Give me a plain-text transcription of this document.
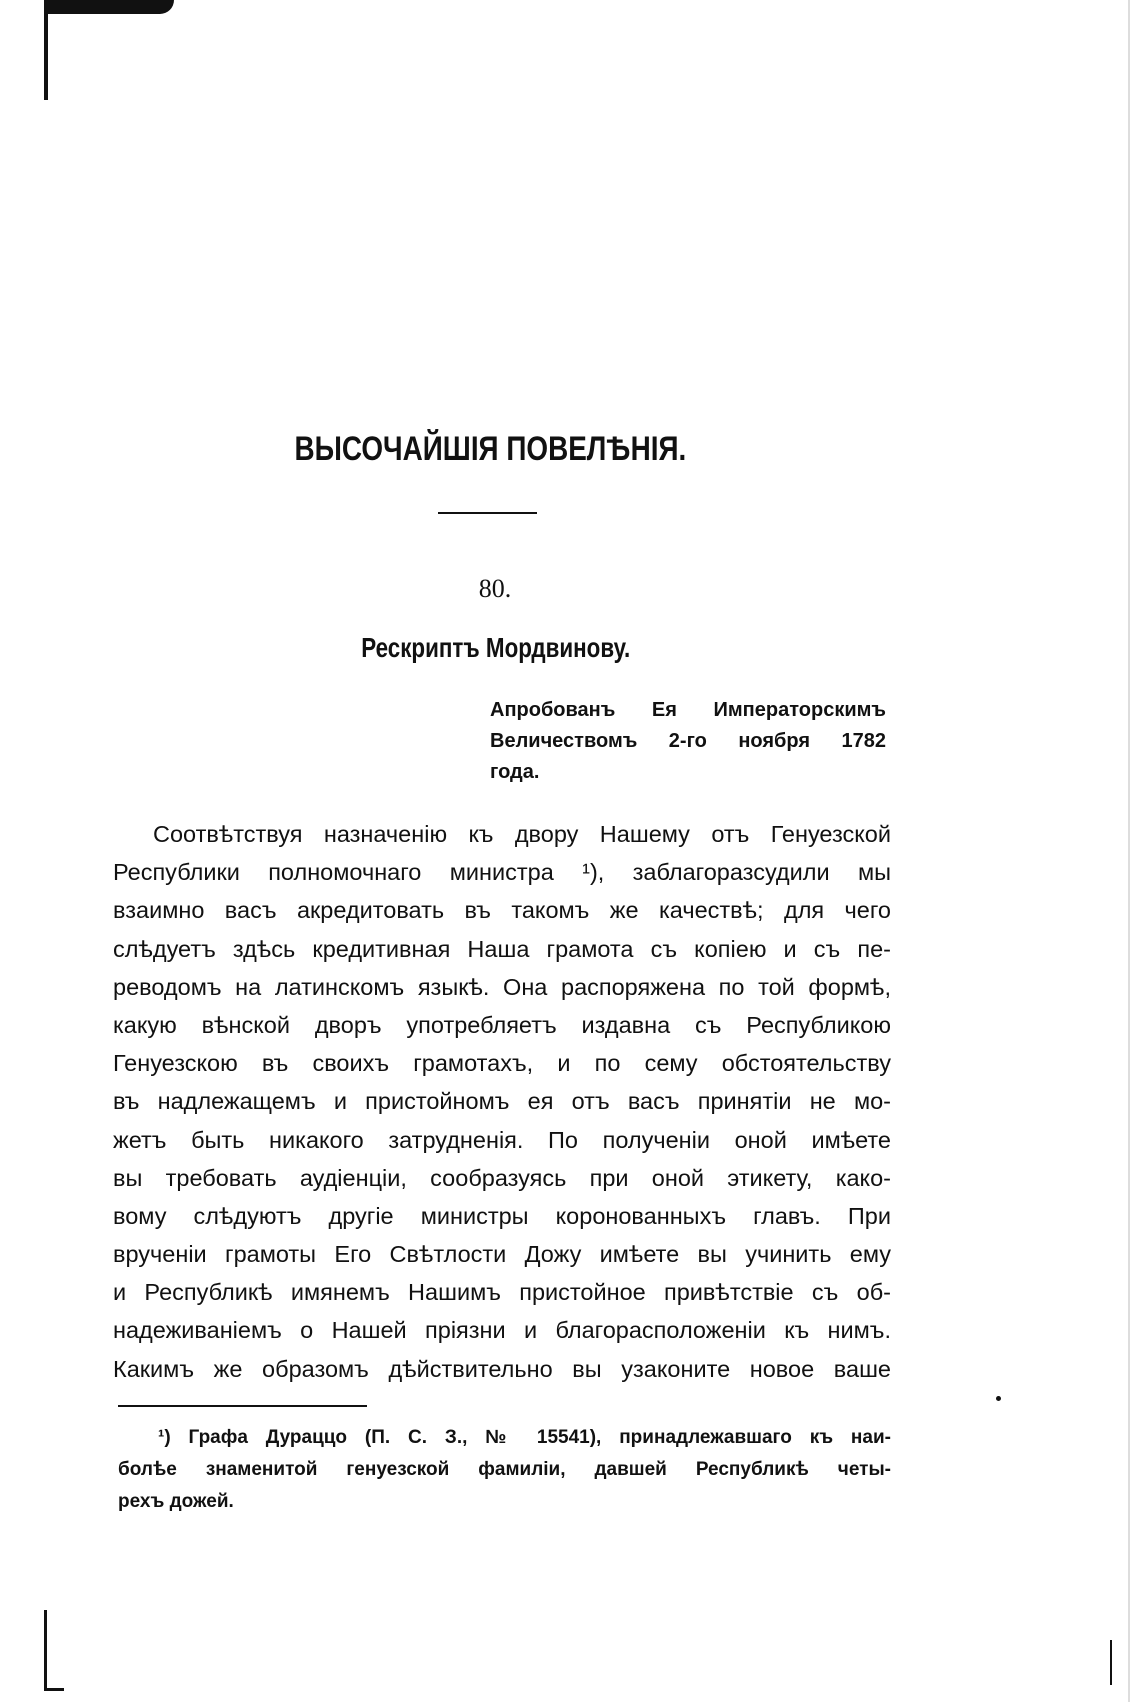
ВЫСОЧАЙШІЯ ПОВЕЛѢНІЯ.
80.
Рескриптъ Мордвинову.
Апробованъ Ея Императорскимъ
Величествомъ 2-го ноября 1782
года.
Соотвѣтствуя назначенію къ двору Нашему отъ Генуезской
Республики полномочнаго министра ¹), заблагоразсудили мы
взаимно васъ акредитовать въ такомъ же качествѣ; для чего
слѣдуетъ здѣсь кредитивная Наша грамота съ копіею и съ пе-
реводомъ на латинскомъ языкѣ. Она распоряжена по той формѣ,
какую вѣнской дворъ употребляетъ издавна съ Республикою
Генуезскою въ своихъ грамотахъ, и по сему обстоятельству
въ надлежащемъ и пристойномъ ея отъ васъ принятіи не мо-
жетъ быть никакого затрудненія. По полученіи оной имѣете
вы требовать аудіенціи, сообразуясь при оной этикету, како-
вому слѣдуютъ другіе министры коронованныхъ главъ. При
врученіи грамоты Его Свѣтлости Дожу имѣете вы учинить ему
и Республикѣ имянемъ Нашимъ пристойное привѣтствіе съ об-
надеживаніемъ о Нашей пріязни и благорасположеніи къ нимъ.
Какимъ же образомъ дѣйствительно вы узаконите новое ваше
¹) Графа Дураццо (П. С. З., № 15541), принадлежавшаго къ наи-
болѣе знаменитой генуезской фамиліи, давшей Республикѣ четы-
рехъ дожей.
